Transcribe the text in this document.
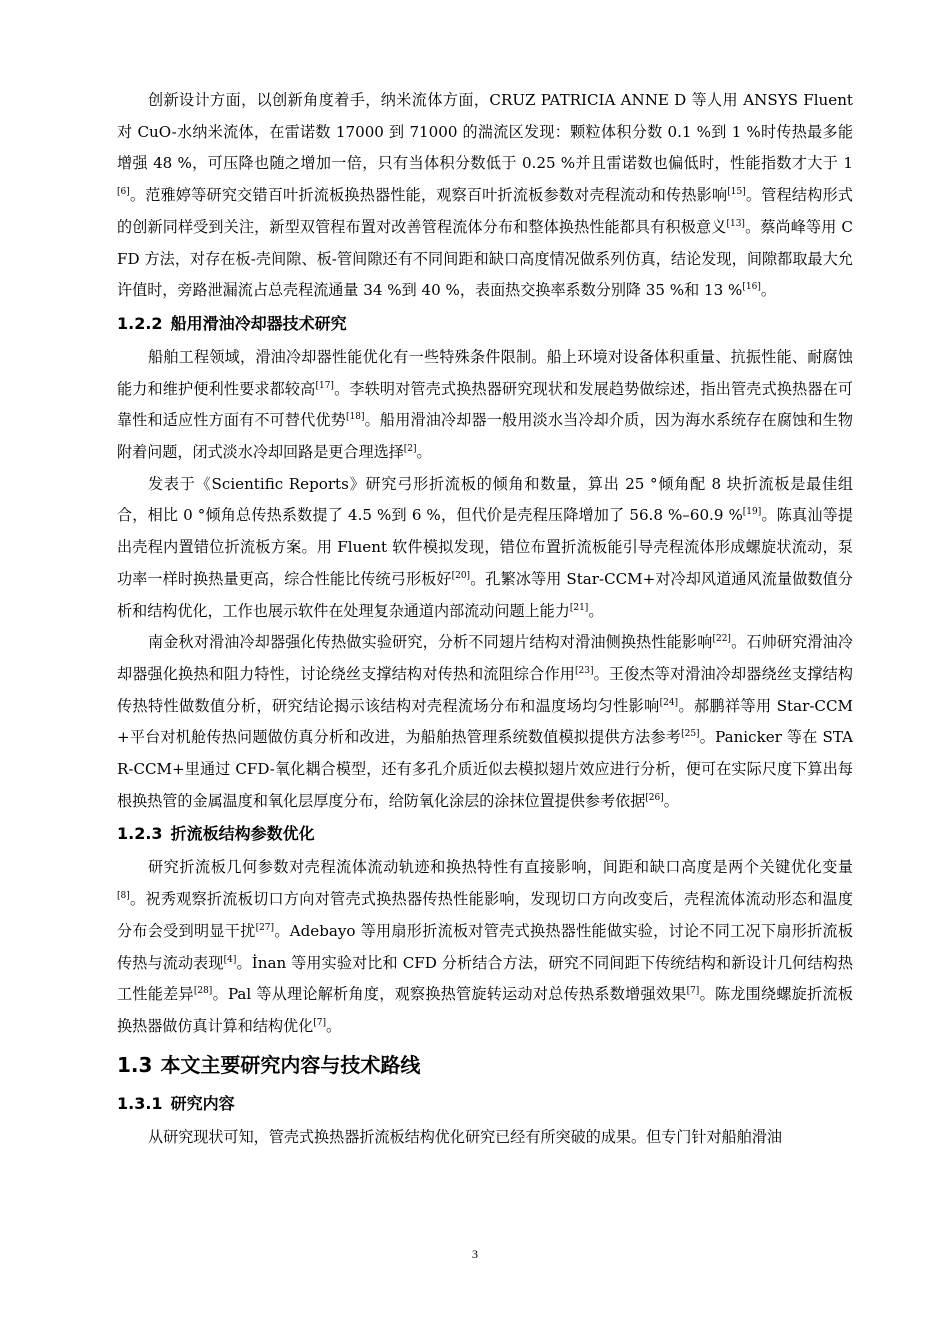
创新设计方面，以创新角度着手，纳米流体方面，CRUZ PATRICIA ANNE D 等人用 ANSYS Fluent 对 CuO-水纳米流体，在雷诺数 17000 到 71000 的湍流区发现：颗粒体积分数 0.1 %到 1 %时传热最多能增强 48 %，可压降也随之增加一倍，只有当体积分数低于 0.25 %并且雷诺数也偏低时，性能指数才大于 1[6]。范雅婷等研究交错百叶折流板换热器性能，观察百叶折流板参数对壳程流动和传热影响[15]。管程结构形式的创新同样受到关注，新型双管程布置对改善管程流体分布和整体换热性能都具有积极意义[13]。蔡尚峰等用 CFD 方法，对存在板-壳间隙、板-管间隙还有不同间距和缺口高度情况做系列仿真，结论发现，间隙都取最大允许值时，旁路泄漏流占总壳程流通量 34 %到 40 %，表面热交换率系数分别降 35 %和 13 %[16]。

1.2.2 船用滑油冷却器技术研究

船舶工程领域，滑油冷却器性能优化有一些特殊条件限制。船上环境对设备体积重量、抗振性能、耐腐蚀能力和维护便利性要求都较高[17]。李轶明对管壳式换热器研究现状和发展趋势做综述，指出管壳式换热器在可靠性和适应性方面有不可替代优势[18]。船用滑油冷却器一般用淡水当冷却介质，因为海水系统存在腐蚀和生物附着问题，闭式淡水冷却回路是更合理选择[2]。

发表于《Scientific Reports》研究弓形折流板的倾角和数量，算出 25 °倾角配 8 块折流板是最佳组合，相比 0 °倾角总传热系数提了 4.5 %到 6 %，但代价是壳程压降增加了 56.8 %–60.9 %[19]。陈真汕等提出壳程内置错位折流板方案。用 Fluent 软件模拟发现，错位布置折流板能引导壳程流体形成螺旋状流动，泵功率一样时换热量更高，综合性能比传统弓形板好[20]。孔繁冰等用 Star-CCM+对冷却风道通风流量做数值分析和结构优化，工作也展示软件在处理复杂通道内部流动问题上能力[21]。

南金秋对滑油冷却器强化传热做实验研究，分析不同翅片结构对滑油侧换热性能影响[22]。石帅研究滑油冷却器强化换热和阻力特性，讨论绕丝支撑结构对传热和流阻综合作用[23]。王俊杰等对滑油冷却器绕丝支撑结构传热特性做数值分析，研究结论揭示该结构对壳程流场分布和温度场均匀性影响[24]。郝鹏祥等用 Star-CCM+平台对机舱传热问题做仿真分析和改进，为船舶热管理系统数值模拟提供方法参考[25]。Panicker 等在 STAR-CCM+里通过 CFD-氧化耦合模型，还有多孔介质近似去模拟翅片效应进行分析，便可在实际尺度下算出每根换热管的金属温度和氧化层厚度分布，给防氧化涂层的涂抹位置提供参考依据[26]。

1.2.3 折流板结构参数优化

研究折流板几何参数对壳程流体流动轨迹和换热特性有直接影响，间距和缺口高度是两个关键优化变量[8]。祝秀观察折流板切口方向对管壳式换热器传热性能影响，发现切口方向改变后，壳程流体流动形态和温度分布会受到明显干扰[27]。Adebayo 等用扇形折流板对管壳式换热器性能做实验，讨论不同工况下扇形折流板传热与流动表现[4]。İnan 等用实验对比和 CFD 分析结合方法，研究不同间距下传统结构和新设计几何结构热工性能差异[28]。Pal 等从理论解析角度，观察换热管旋转运动对总传热系数增强效果[7]。陈龙围绕螺旋折流板换热器做仿真计算和结构优化[7]。

1.3 本文主要研究内容与技术路线
1.3.1 研究内容

从研究现状可知，管壳式换热器折流板结构优化研究已经有所突破的成果。但专门针对船舶滑油

3
